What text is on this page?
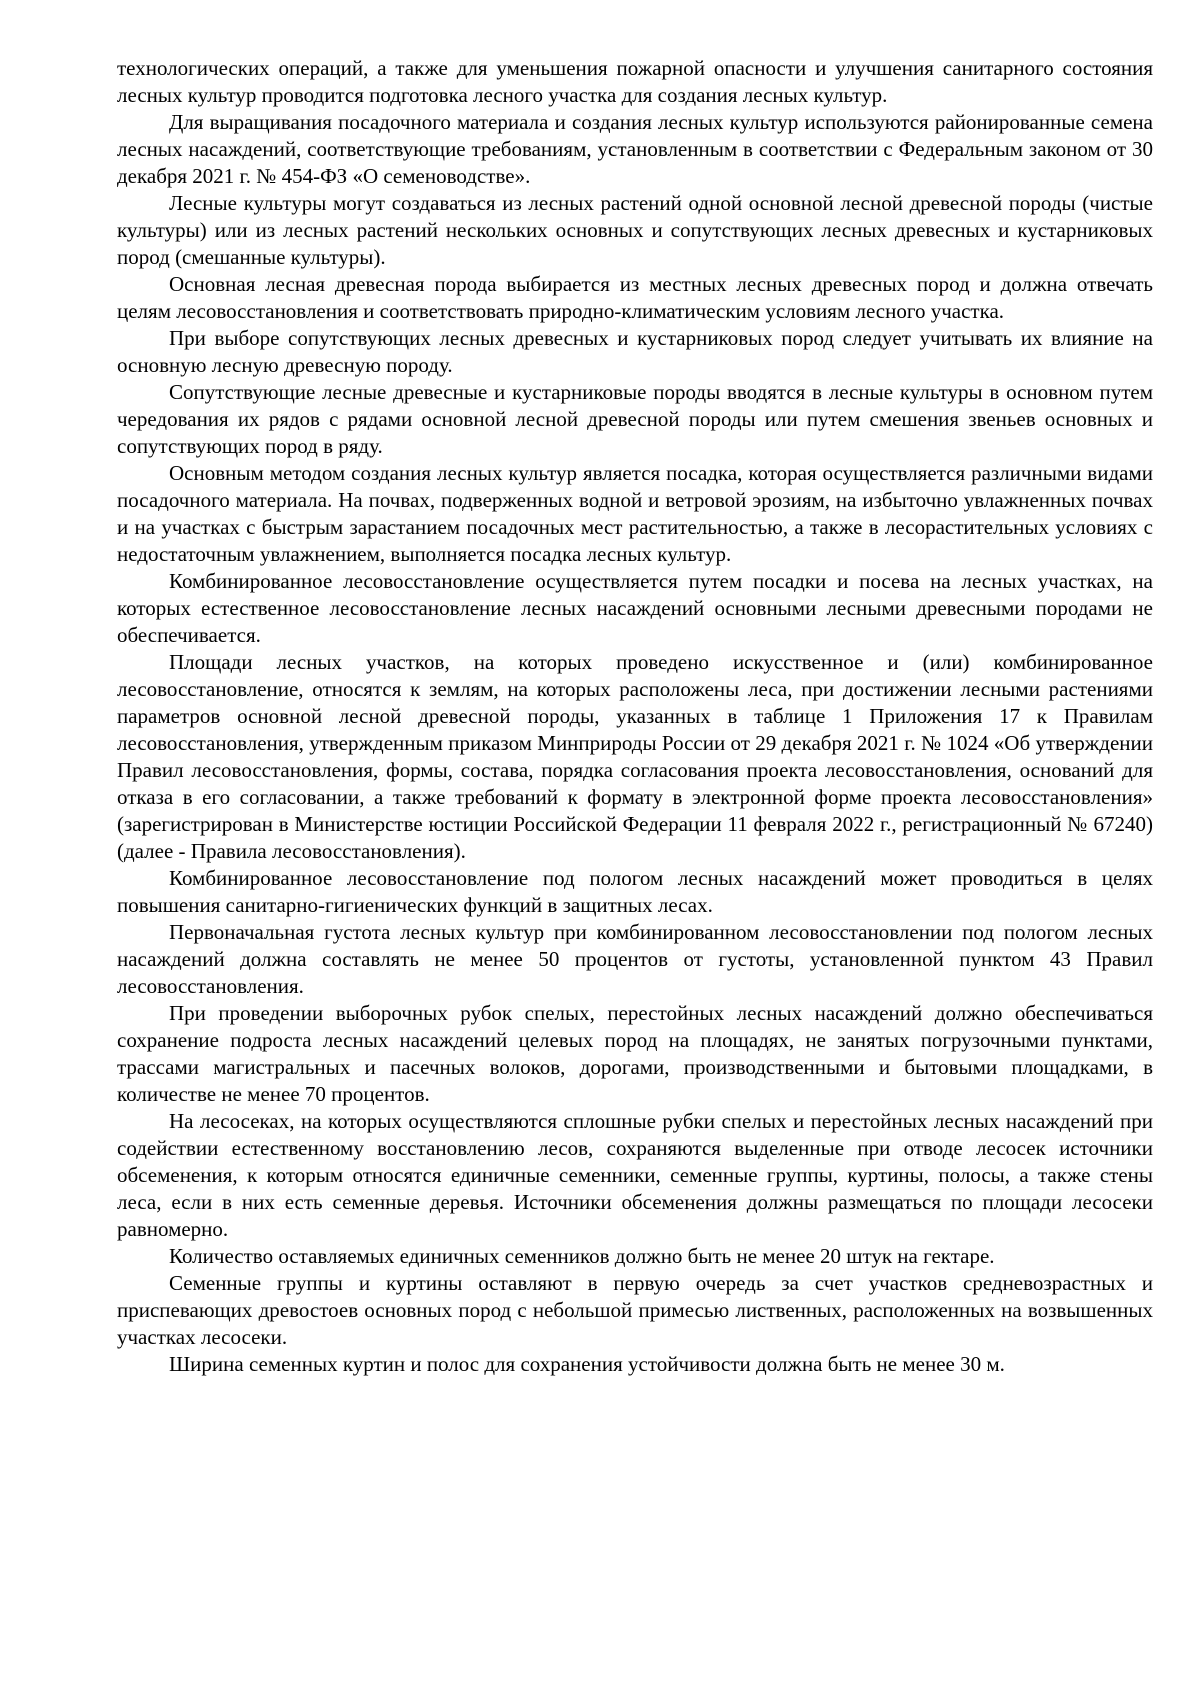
технологических операций, а также для уменьшения пожарной опасности и улучшения санитарного состояния лесных культур проводится подготовка лесного участка для создания лесных культур.

Для выращивания посадочного материала и создания лесных культур используются районированные семена лесных насаждений, соответствующие требованиям, установленным в соответствии с Федеральным законом от 30 декабря 2021 г. № 454-ФЗ «О семеноводстве».

Лесные культуры могут создаваться из лесных растений одной основной лесной древесной породы (чистые культуры) или из лесных растений нескольких основных и сопутствующих лесных древесных и кустарниковых пород (смешанные культуры).

Основная лесная древесная порода выбирается из местных лесных древесных пород и должна отвечать целям лесовосстановления и соответствовать природно-климатическим условиям лесного участка.

При выборе сопутствующих лесных древесных и кустарниковых пород следует учитывать их влияние на основную лесную древесную породу.

Сопутствующие лесные древесные и кустарниковые породы вводятся в лесные культуры в основном путем чередования их рядов с рядами основной лесной древесной породы или путем смешения звеньев основных и сопутствующих пород в ряду.

Основным методом создания лесных культур является посадка, которая осуществляется различными видами посадочного материала. На почвах, подверженных водной и ветровой эрозиям, на избыточно увлажненных почвах и на участках с быстрым зарастанием посадочных мест растительностью, а также в лесорастительных условиях с недостаточным увлажнением, выполняется посадка лесных культур.

Комбинированное лесовосстановление осуществляется путем посадки и посева на лесных участках, на которых естественное лесовосстановление лесных насаждений основными лесными древесными породами не обеспечивается.

Площади лесных участков, на которых проведено искусственное и (или) комбинированное лесовосстановление, относятся к землям, на которых расположены леса, при достижении лесными растениями параметров основной лесной древесной породы, указанных в таблице 1 Приложения 17 к Правилам лесовосстановления, утвержденным приказом Минприроды России от 29 декабря 2021 г. № 1024 «Об утверждении Правил лесовосстановления, формы, состава, порядка согласования проекта лесовосстановления, оснований для отказа в его согласовании, а также требований к формату в электронной форме проекта лесовосстановления» (зарегистрирован в Министерстве юстиции Российской Федерации 11 февраля 2022 г., регистрационный № 67240) (далее - Правила лесовосстановления).

Комбинированное лесовосстановление под пологом лесных насаждений может проводиться в целях повышения санитарно-гигиенических функций в защитных лесах.

Первоначальная густота лесных культур при комбинированном лесовосстановлении под пологом лесных насаждений должна составлять не менее 50 процентов от густоты, установленной пунктом 43 Правил лесовосстановления.

При проведении выборочных рубок спелых, перестойных лесных насаждений должно обеспечиваться сохранение подроста лесных насаждений целевых пород на площадях, не занятых погрузочными пунктами, трассами магистральных и пасечных волоков, дорогами, производственными и бытовыми площадками, в количестве не менее 70 процентов.

На лесосеках, на которых осуществляются сплошные рубки спелых и перестойных лесных насаждений при содействии естественному восстановлению лесов, сохраняются выделенные при отводе лесосек источники обсеменения, к которым относятся единичные семенники, семенные группы, куртины, полосы, а также стены леса, если в них есть семенные деревья. Источники обсеменения должны размещаться по площади лесосеки равномерно.

Количество оставляемых единичных семенников должно быть не менее 20 штук на гектаре.

Семенные группы и куртины оставляют в первую очередь за счет участков средневозрастных и приспевающих древостоев основных пород с небольшой примесью лиственных, расположенных на возвышенных участках лесосеки.

Ширина семенных куртин и полос для сохранения устойчивости должна быть не менее 30 м.
